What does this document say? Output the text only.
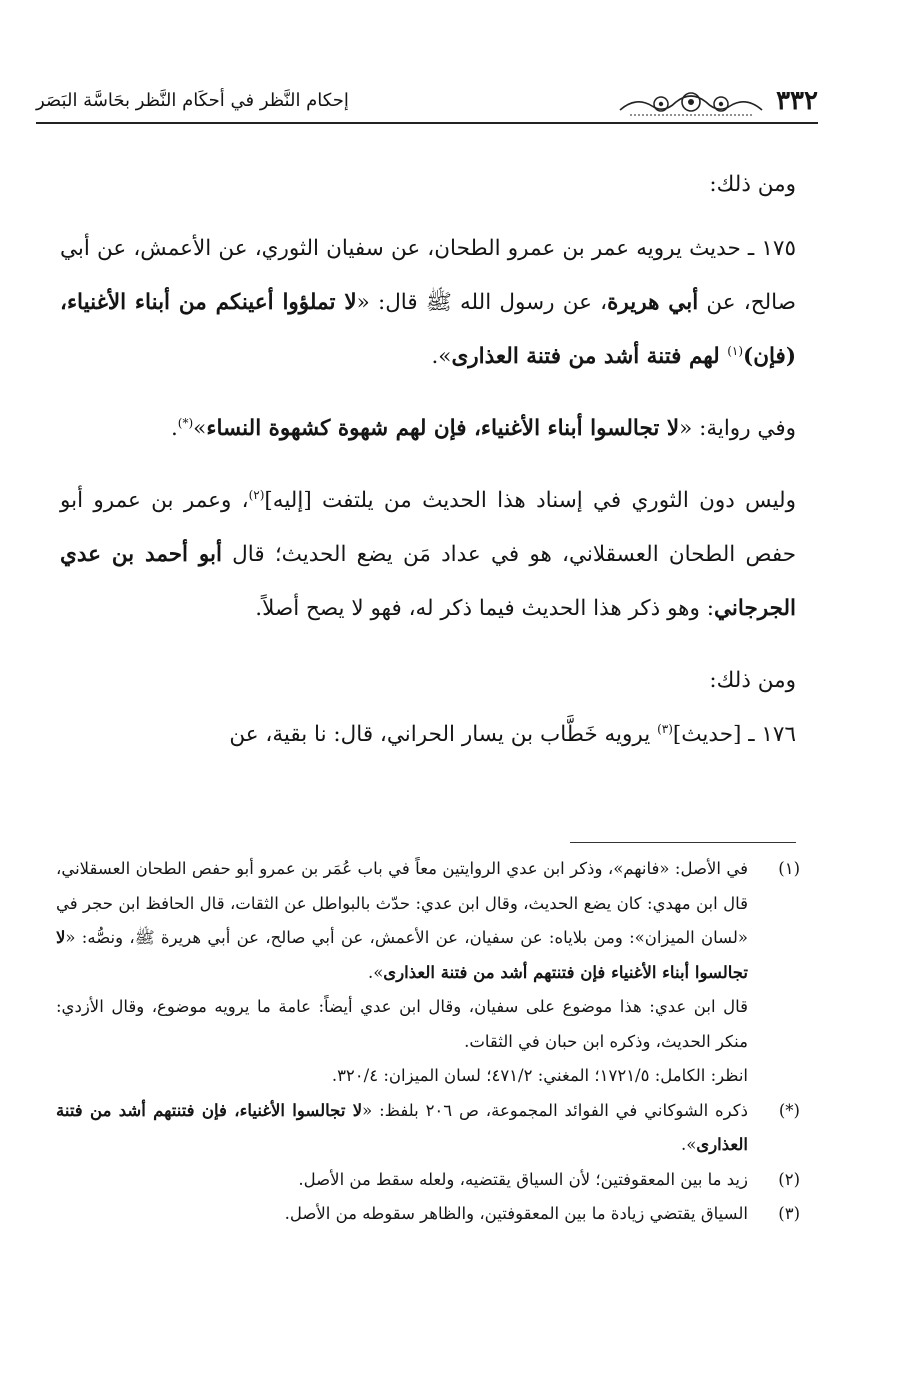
٣٣٢
إحكام النَّظر في أحكَام النَّظر بحَاسَّة البَصَر

ومن ذلك:

١٧٥ ـ حديث يرويه عمر بن عمرو الطحان، عن سفيان الثوري، عن الأعمش، عن أبي صالح، عن أبي هريرة، عن رسول الله ﷺ قال: «لا تملؤوا أعينكم من أبناء الأغنياء، (فإن)$^{(١)}$ لهم فتنة أشد من فتنة العذارى».

وفي رواية: «لا تجالسوا أبناء الأغنياء، فإن لهم شهوة كشهوة النساء»(*).

وليس دون الثوري في إسناد هذا الحديث من يلتفت [إليه]$^{(٢)}$، وعمر بن عمرو أبو حفص الطحان العسقلاني، هو في عداد مَن يضع الحديث؛ قال أبو أحمد بن عدي الجرجاني: وهو ذكر هذا الحديث فيما ذكر له، فهو لا يصح أصلاً.

ومن ذلك:

١٧٦ ـ [حديث]$^{(٣)}$ يرويه خَطَّاب بن يسار الحراني، قال: نا بقية، عن

(١)
في الأصل: «فانهم»، وذكر ابن عدي الروايتين معاً في باب عُمَر بن عمرو أبو حفص الطحان العسقلاني، قال ابن مهدي: كان يضع الحديث، وقال ابن عدي: حدّث بالبواطل عن الثقات، قال الحافظ ابن حجر في «لسان الميزان»: ومن بلاياه: عن سفيان، عن الأعمش، عن أبي صالح، عن أبي هريرة ﷺ، ونصُّه: «لا تجالسوا أبناء الأغنياء فإن فتنتهم أشد من فتنة العذارى».
قال ابن عدي: هذا موضوع على سفيان، وقال ابن عدي أيضاً: عامة ما يرويه موضوع، وقال الأزدي: منكر الحديث، وذكره ابن حبان في الثقات.
انظر: الكامل: ١٧٢١/٥؛ المغني: ٤٧١/٢؛ لسان الميزان: ٣٢٠/٤.
(*)
ذكره الشوكاني في الفوائد المجموعة، ص ٢٠٦ بلفظ: «لا تجالسوا الأغنياء، فإن فتنتهم أشد من فتنة العذارى».
(٢)
زيد ما بين المعقوفتين؛ لأن السياق يقتضيه، ولعله سقط من الأصل.
(٣)
السياق يقتضي زيادة ما بين المعقوفتين، والظاهر سقوطه من الأصل.
